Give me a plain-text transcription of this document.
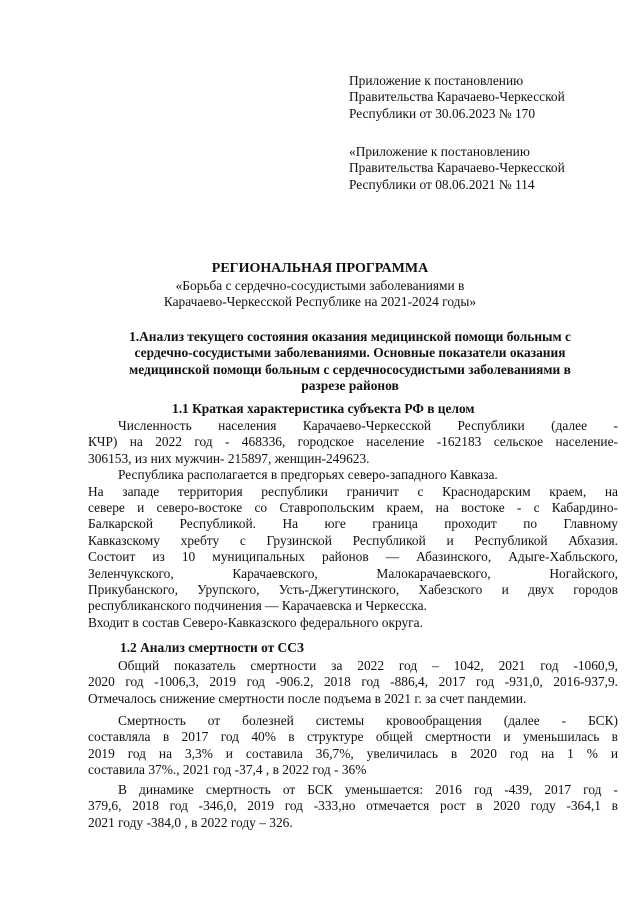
Приложение к постановлению
Правительства Карачаево-Черкесской
Республики от 30.06.2023 № 170
«Приложение к постановлению
Правительства Карачаево-Черкесской
Республики от 08.06.2021 № 114
РЕГИОНАЛЬНАЯ ПРОГРАММА
«Борьба с сердечно-сосудистыми заболеваниями в
Карачаево-Черкесской Республике на 2021-2024 годы»
1.Анализ текущего состояния оказания медицинской помощи больным с
сердечно-сосудистыми заболеваниями. Основные показатели оказания
медицинской помощи больным с сердечнососудистыми заболеваниями в
разрезе районов
1.1 Краткая характеристика субъекта РФ в целом
Численность населения Карачаево-Черкесской Республики (далее -
КЧР) на 2022 год - 468336, городское население -162183 сельское население-
306153, из них мужчин- 215897, женщин-249623.
Республика располагается в предгорьях северо-западного Кавказа.
На западе территория республики граничит с Краснодарским краем, на
севере и северо-востоке со Ставропольским краем, на востоке - с Кабардино-
Балкарской Республикой. На юге граница проходит по Главному
Кавказскому хребту с Грузинской Республикой и Республикой Абхазия.
Состоит из 10 муниципальных районов — Абазинского, Адыге-Хабльского,
Зеленчукского, Карачаевского, Малокарачаевского, Ногайского,
Прикубанского, Урупского, Усть-Джегутинского, Хабезского и двух городов
республиканского подчинения — Карачаевска и Черкесска.
Входит в состав Северо-Кавказского федерального округа.
1.2 Анализ смертности от ССЗ
Общий показатель смертности за 2022 год – 1042, 2021 год -1060,9,
2020 год -1006,3, 2019 год -906.2, 2018 год -886,4, 2017 год -931,0, 2016-937,9.
Отмечалось снижение смертности после подъема в 2021 г. за счет пандемии.
Смертность от болезней системы кровообращения (далее - БСК)
составляла в 2017 год 40% в структуре общей смертности и уменьшилась в
2019 год на 3,3% и составила 36,7%, увеличилась в 2020 год на 1 % и
составила 37%., 2021 год -37,4 , в 2022 год - 36%
В динамике смертность от БСК уменьшается: 2016 год -439, 2017 год -
379,6, 2018 год -346,0, 2019 год -333,но отмечается рост в 2020 году -364,1 в
2021 году -384,0 , в 2022 году – 326.
